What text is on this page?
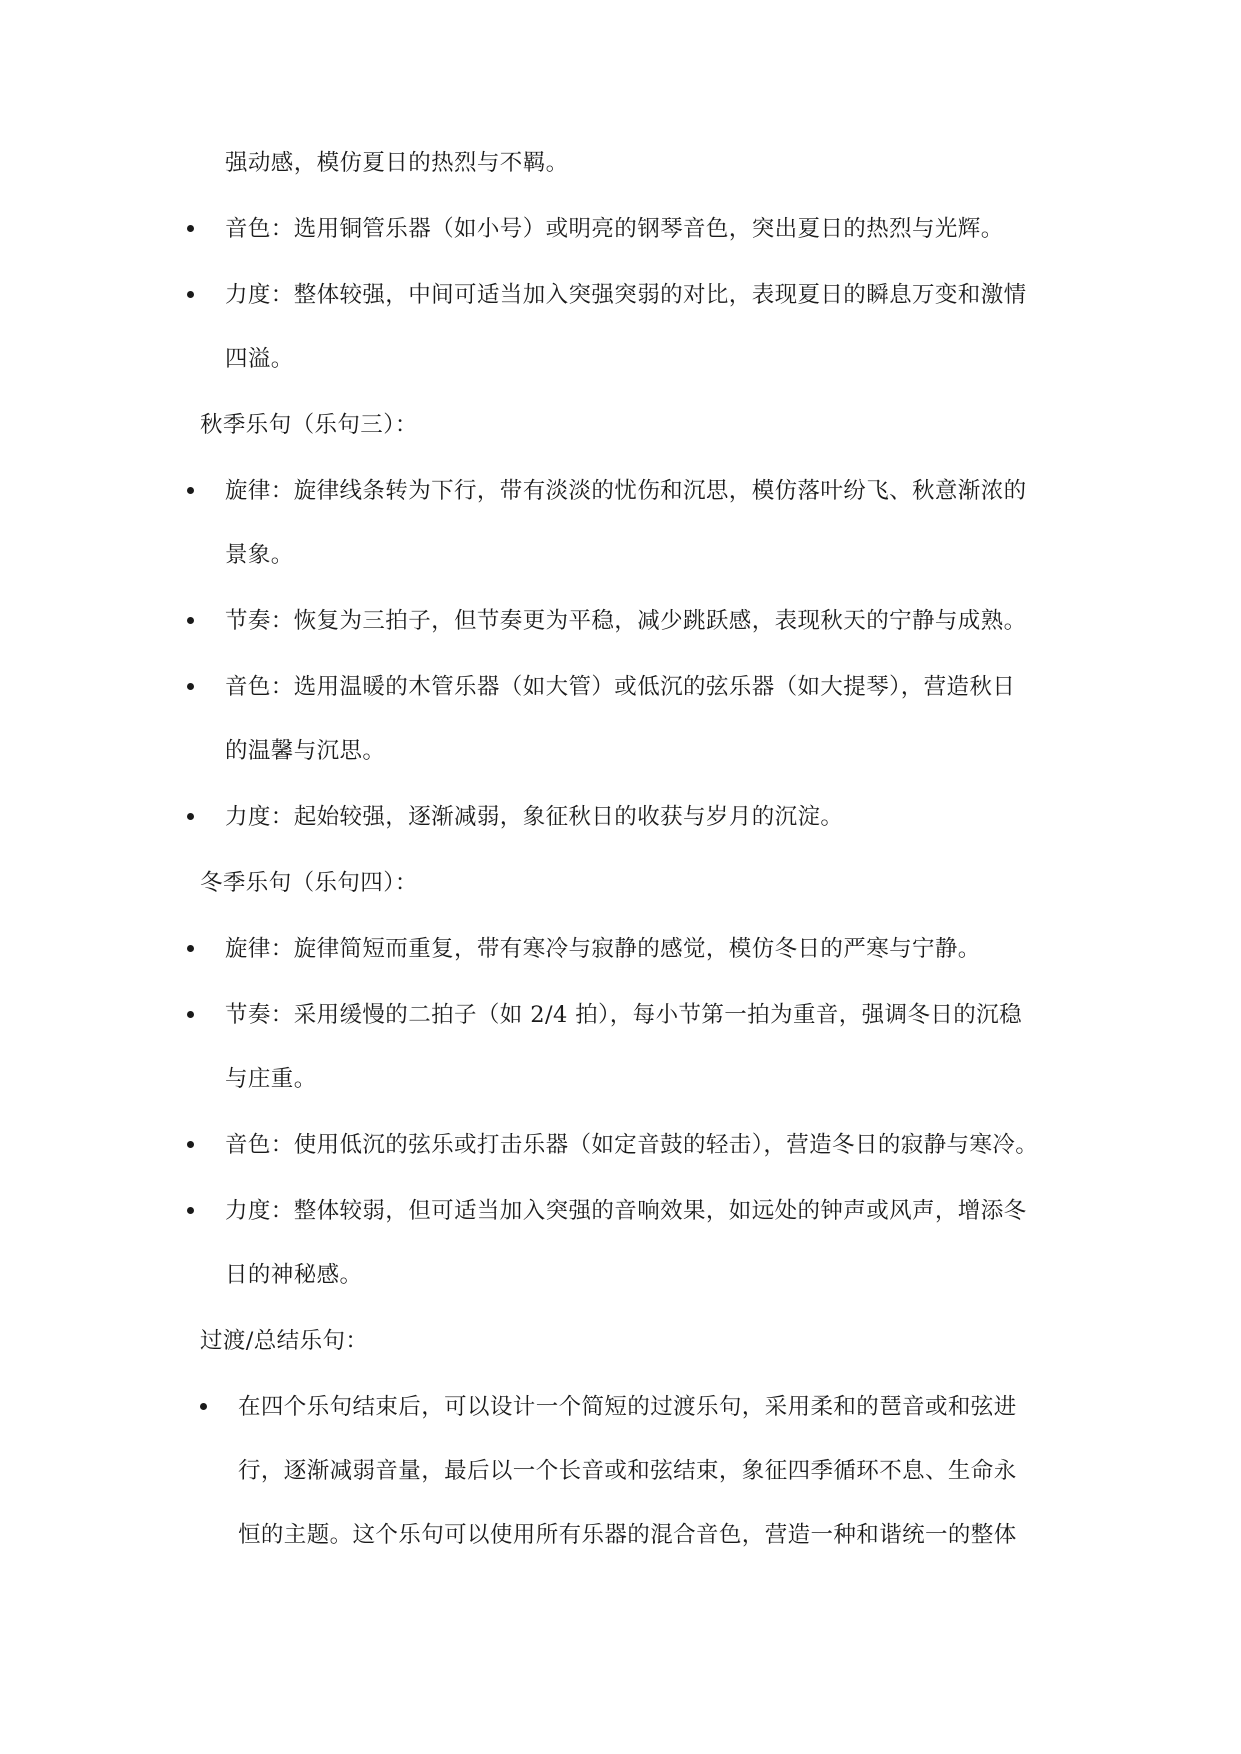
强动感，模仿夏日的热烈与不羁。
音色：选用铜管乐器（如小号）或明亮的钢琴音色，突出夏日的热烈与光辉。
力度：整体较强，中间可适当加入突强突弱的对比，表现夏日的瞬息万变和激情
四溢。
秋季乐句（乐句三）：
旋律：旋律线条转为下行，带有淡淡的忧伤和沉思，模仿落叶纷飞、秋意渐浓的
景象。
节奏：恢复为三拍子，但节奏更为平稳，减少跳跃感，表现秋天的宁静与成熟。
音色：选用温暖的木管乐器（如大管）或低沉的弦乐器（如大提琴），营造秋日
的温馨与沉思。
力度：起始较强，逐渐减弱，象征秋日的收获与岁月的沉淀。
冬季乐句（乐句四）：
旋律：旋律简短而重复，带有寒冷与寂静的感觉，模仿冬日的严寒与宁静。
节奏：采用缓慢的二拍子（如 2/4 拍），每小节第一拍为重音，强调冬日的沉稳
与庄重。
音色：使用低沉的弦乐或打击乐器（如定音鼓的轻击），营造冬日的寂静与寒冷。
力度：整体较弱，但可适当加入突强的音响效果，如远处的钟声或风声，增添冬
日的神秘感。
过渡/总结乐句：
在四个乐句结束后，可以设计一个简短的过渡乐句，采用柔和的琶音或和弦进
行，逐渐减弱音量，最后以一个长音或和弦结束，象征四季循环不息、生命永
恒的主题。这个乐句可以使用所有乐器的混合音色，营造一种和谐统一的整体
